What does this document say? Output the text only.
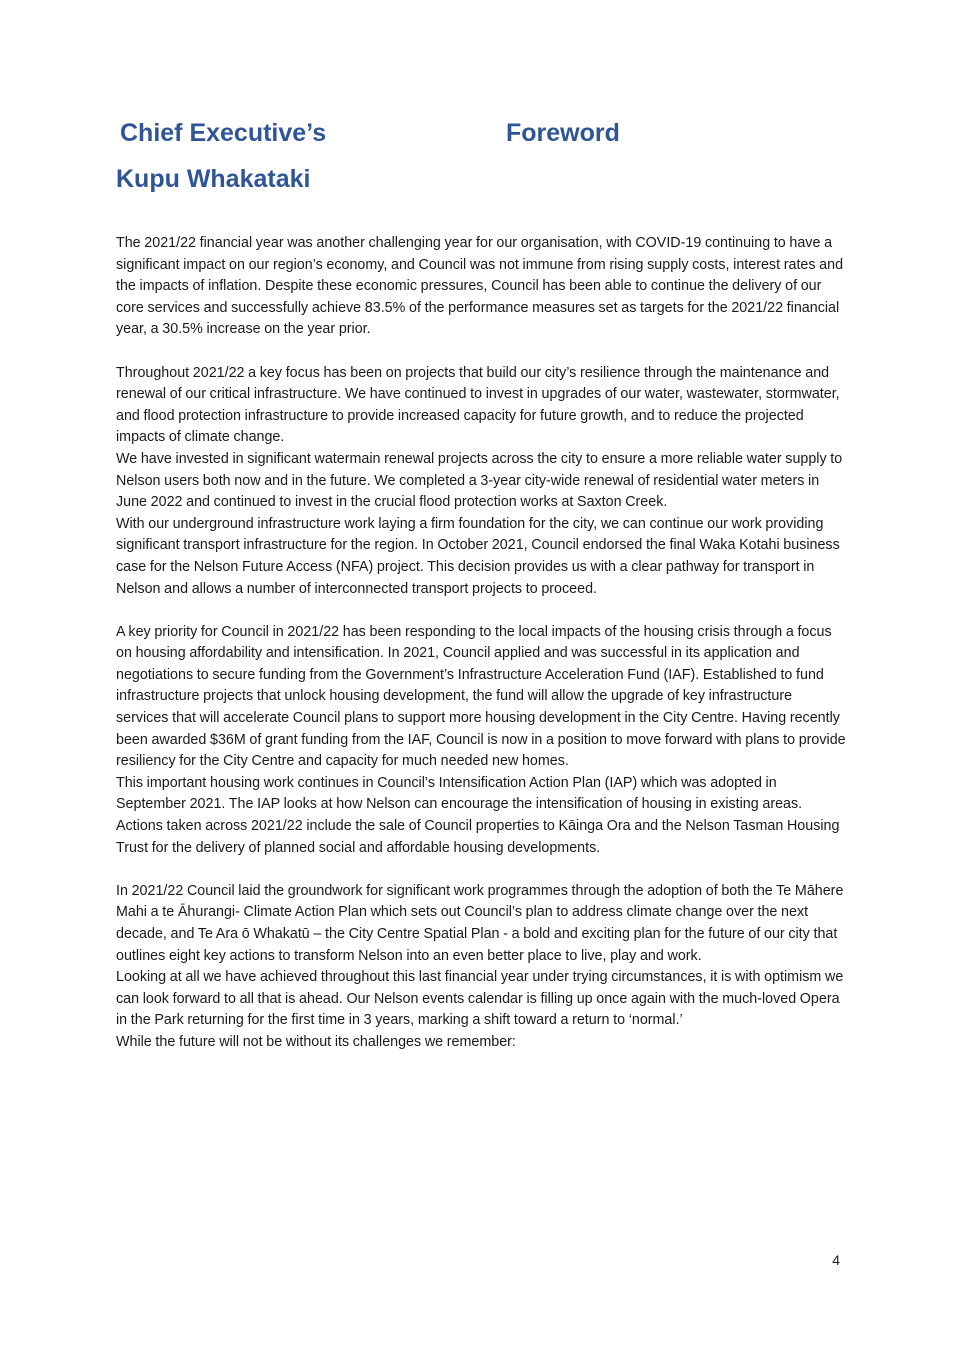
Chief Executive’s	Foreword
Kupu Whakataki

The 2021/22 financial year was another challenging year for our organisation, with COVID-19 continuing to have a significant impact on our region’s economy, and Council was not immune from rising supply costs, interest rates and the impacts of inflation. Despite these economic pressures, Council has been able to continue the delivery of our core services and successfully achieve 83.5% of the performance measures set as targets for the 2021/22 financial year, a 30.5% increase on the year prior.

Throughout 2021/22 a key focus has been on projects that build our city’s resilience through the maintenance and renewal of our critical infrastructure. We have continued to invest in upgrades of our water, wastewater, stormwater, and flood protection infrastructure to provide increased capacity for future growth, and to reduce the projected impacts of climate change.

We have invested in significant watermain renewal projects across the city to ensure a more reliable water supply to Nelson users both now and in the future. We completed a 3-year city-wide renewal of residential water meters in June 2022 and continued to invest in the crucial flood protection works at Saxton Creek.

With our underground infrastructure work laying a firm foundation for the city, we can continue our work providing significant transport infrastructure for the region. In October 2021, Council endorsed the final Waka Kotahi business case for the Nelson Future Access (NFA) project. This decision provides us with a clear pathway for transport in Nelson and allows a number of interconnected transport projects to proceed.

A key priority for Council in 2021/22 has been responding to the local impacts of the housing crisis through a focus on housing affordability and intensification. In 2021, Council applied and was successful in its application and negotiations to secure funding from the Government’s Infrastructure Acceleration Fund (IAF). Established to fund infrastructure projects that unlock housing development, the fund will allow the upgrade of key infrastructure services that will accelerate Council plans to support more housing development in the City Centre. Having recently been awarded $36M of grant funding from the IAF, Council is now in a position to move forward with plans to provide resiliency for the City Centre and capacity for much needed new homes.

This important housing work continues in Council’s Intensification Action Plan (IAP) which was adopted in September 2021. The IAP looks at how Nelson can encourage the intensification of housing in existing areas. Actions taken across 2021/22 include the sale of Council properties to Kāinga Ora and the Nelson Tasman Housing Trust for the delivery of planned social and affordable housing developments.

In 2021/22 Council laid the groundwork for significant work programmes through the adoption of both the Te Māhere Mahi a te Āhurangi- Climate Action Plan which sets out Council’s plan to address climate change over the next decade, and Te Ara ō Whakatū – the City Centre Spatial Plan - a bold and exciting plan for the future of our city that outlines eight key actions to transform Nelson into an even better place to live, play and work.

Looking at all we have achieved throughout this last financial year under trying circumstances, it is with optimism we can look forward to all that is ahead. Our Nelson events calendar is filling up once again with the much-loved Opera in the Park returning for the first time in 3 years, marking a shift toward a return to ‘normal.’

While the future will not be without its challenges we remember:

4
